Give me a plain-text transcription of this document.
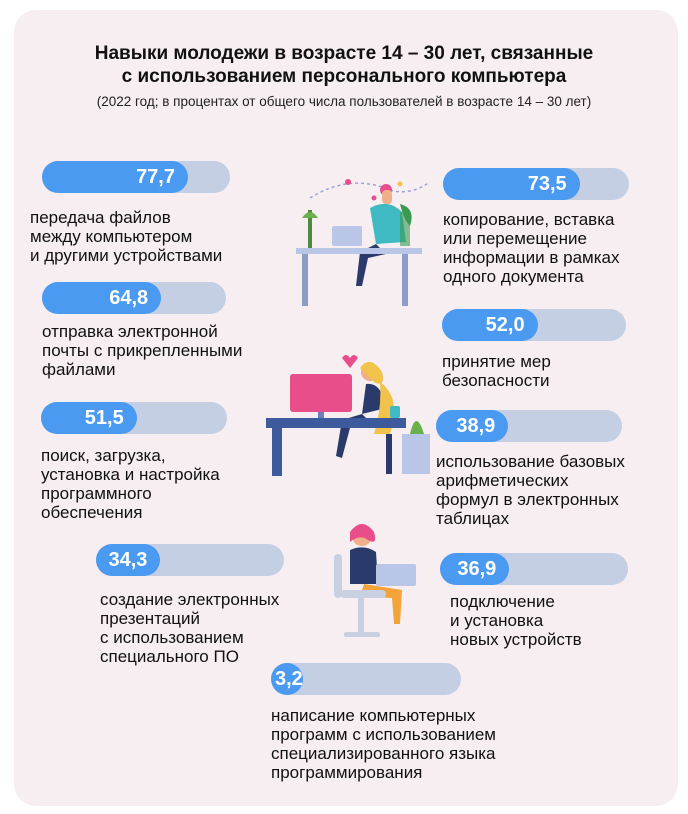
Навыки молодежи в возрасте 14 – 30 лет, связанные
с использованием персонального компьютера
(2022 год; в процентах от общего числа пользователей в возрасте 14 – 30 лет)
77,7
передача файлов
между компьютером
и другими устройствами
73,5
копирование, вставка
или перемещение
информации в рамках
одного документа
64,8
отправка электронной
почты с прикрепленными
файлами
52,0
принятие мер
безопасности
51,5
поиск, загрузка,
установка и настройка
программного
обеспечения
38,9
использование базовых
арифметических
формул в электронных
таблицах
34,3
создание электронных
презентаций
с использованием
специального ПО
36,9
подключение
и установка
новых устройств
3,2
написание компьютерных
программ с использованием
специализированного языка
программирования
